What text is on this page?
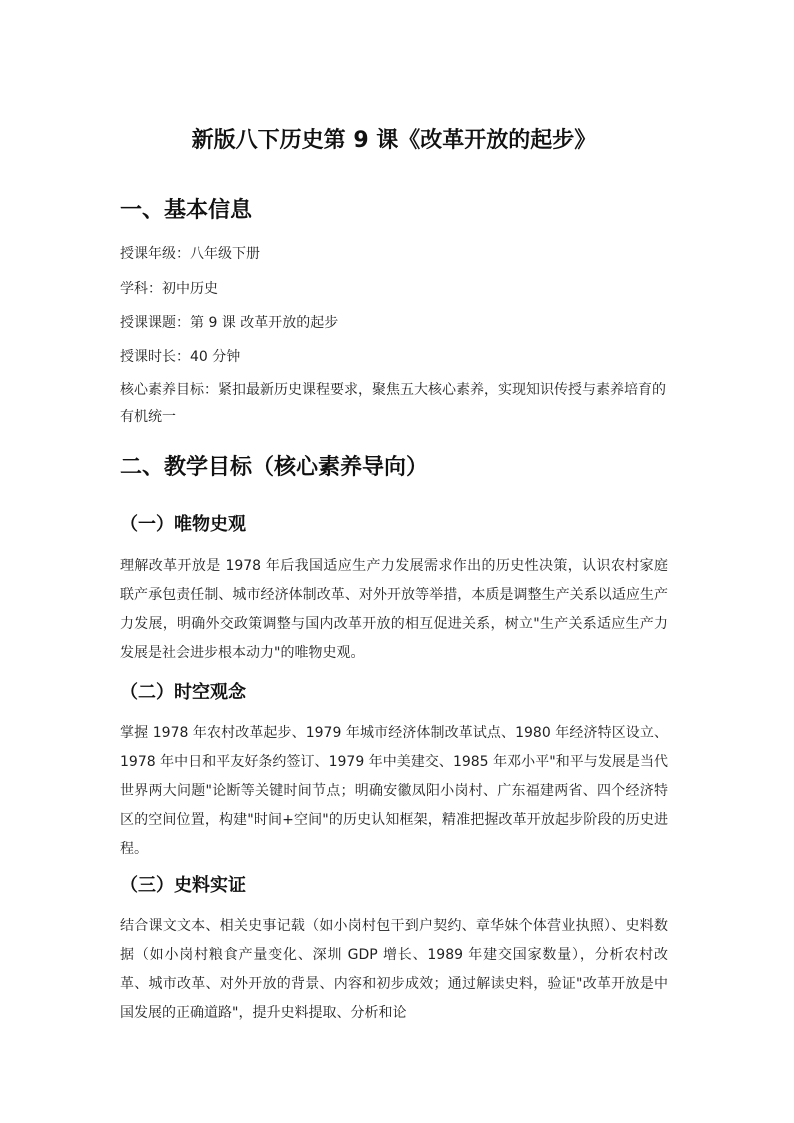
新版八下历史第 9 课《改革开放的起步》
一、基本信息

授课年级：八年级下册

学科：初中历史

授课课题：第 9 课 改革开放的起步

授课时长：40 分钟

核心素养目标：紧扣最新历史课程要求，聚焦五大核心素养，实现知识传授与素养培育的有机统一

二、教学目标（核心素养导向）
（一）唯物史观

理解改革开放是 1978 年后我国适应生产力发展需求作出的历史性决策，认识农村家庭联产承包责任制、城市经济体制改革、对外开放等举措，本质是调整生产关系以适应生产力发展，明确外交政策调整与国内改革开放的相互促进关系，树立"生产关系适应生产力发展是社会进步根本动力"的唯物史观。

（二）时空观念

掌握 1978 年农村改革起步、1979 年城市经济体制改革试点、1980 年经济特区设立、1978 年中日和平友好条约签订、1979 年中美建交、1985 年邓小平"和平与发展是当代世界两大问题"论断等关键时间节点；明确安徽凤阳小岗村、广东福建两省、四个经济特区的空间位置，构建"时间+空间"的历史认知框架，精准把握改革开放起步阶段的历史进程。

（三）史料实证

结合课文文本、相关史事记载（如小岗村包干到户契约、章华妹个体营业执照）、史料数据（如小岗村粮食产量变化、深圳 GDP 增长、1989 年建交国家数量），分析农村改革、城市改革、对外开放的背景、内容和初步成效；通过解读史料，验证"改革开放是中国发展的正确道路"，提升史料提取、分析和论
